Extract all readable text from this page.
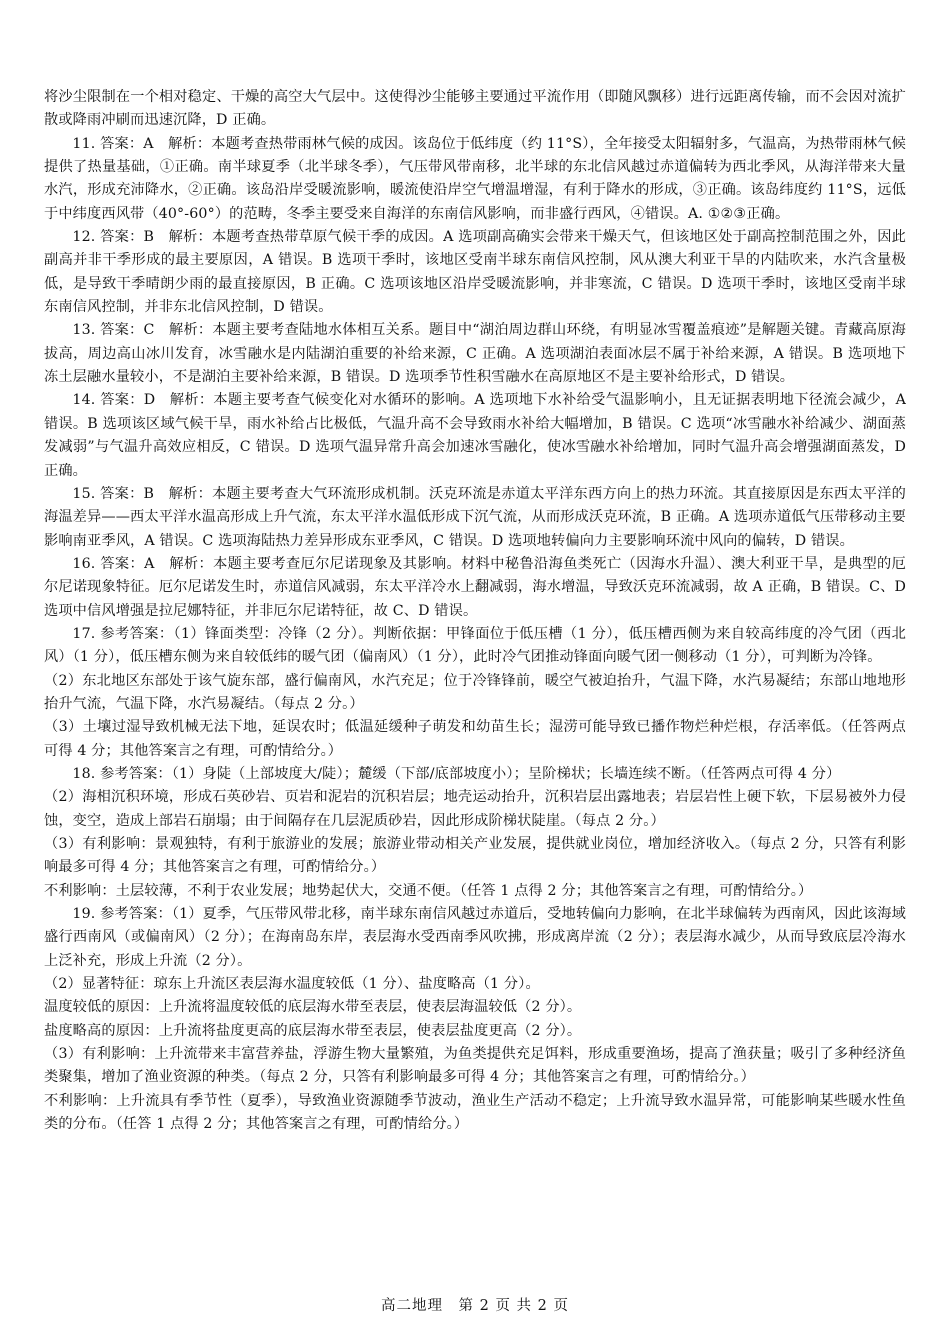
将沙尘限制在一个相对稳定、干燥的高空大气层中。这使得沙尘能够主要通过平流作用（即随风飘移）进行远距离传输，而不会因对流扩散或降雨冲刷而迅速沉降，D 正确。

11. 答案：A　解析：本题考查热带雨林气候的成因。该岛位于低纬度（约 11°S），全年接受太阳辐射多，气温高，为热带雨林气候提供了热量基础，①正确。南半球夏季（北半球冬季），气压带风带南移，北半球的东北信风越过赤道偏转为西北季风，从海洋带来大量水汽，形成充沛降水，②正确。该岛沿岸受暖流影响，暖流使沿岸空气增温增湿，有利于降水的形成，③正确。该岛纬度约 11°S，远低于中纬度西风带（40°-60°）的范畴，冬季主要受来自海洋的东南信风影响，而非盛行西风，④错误。A. ①②③正确。

12. 答案：B　解析：本题考查热带草原气候干季的成因。A 选项副高确实会带来干燥天气，但该地区处于副高控制范围之外，因此副高并非干季形成的最主要原因，A 错误。B 选项干季时，该地区受南半球东南信风控制，风从澳大利亚干旱的内陆吹来，水汽含量极低，是导致干季晴朗少雨的最直接原因，B 正确。C 选项该地区沿岸受暖流影响，并非寒流，C 错误。D 选项干季时，该地区受南半球东南信风控制，并非东北信风控制，D 错误。

13. 答案：C　解析：本题主要考查陆地水体相互关系。题目中“湖泊周边群山环绕，有明显冰雪覆盖痕迹”是解题关键。青藏高原海拔高，周边高山冰川发育，冰雪融水是内陆湖泊重要的补给来源，C 正确。A 选项湖泊表面冰层不属于补给来源，A 错误。B 选项地下冻土层融水量较小，不是湖泊主要补给来源，B 错误。D 选项季节性积雪融水在高原地区不是主要补给形式，D 错误。

14. 答案：D　解析：本题主要考查气候变化对水循环的影响。A 选项地下水补给受气温影响小，且无证据表明地下径流会减少，A 错误。B 选项该区域气候干旱，雨水补给占比极低，气温升高不会导致雨水补给大幅增加，B 错误。C 选项“冰雪融水补给减少、湖面蒸发减弱”与气温升高效应相反，C 错误。D 选项气温异常升高会加速冰雪融化，使冰雪融水补给增加，同时气温升高会增强湖面蒸发，D 正确。

15. 答案：B　解析：本题主要考查大气环流形成机制。沃克环流是赤道太平洋东西方向上的热力环流。其直接原因是东西太平洋的海温差异——西太平洋水温高形成上升气流，东太平洋水温低形成下沉气流，从而形成沃克环流，B 正确。A 选项赤道低气压带移动主要影响南亚季风，A 错误。C 选项海陆热力差异形成东亚季风，C 错误。D 选项地转偏向力主要影响环流中风向的偏转，D 错误。

16. 答案：A　解析：本题主要考查厄尔尼诺现象及其影响。材料中秘鲁沿海鱼类死亡（因海水升温）、澳大利亚干旱，是典型的厄尔尼诺现象特征。厄尔尼诺发生时，赤道信风减弱，东太平洋冷水上翻减弱，海水增温，导致沃克环流减弱，故 A 正确，B 错误。C、D 选项中信风增强是拉尼娜特征，并非厄尔尼诺特征，故 C、D 错误。

17. 参考答案：（1）锋面类型：冷锋（2 分）。判断依据：甲锋面位于低压槽（1 分），低压槽西侧为来自较高纬度的冷气团（西北风）（1 分），低压槽东侧为来自较低纬的暖气团（偏南风）（1 分），此时冷气团推动锋面向暖气团一侧移动（1 分），可判断为冷锋。

（2）东北地区东部处于该气旋东部，盛行偏南风，水汽充足；位于冷锋锋前，暖空气被迫抬升，气温下降，水汽易凝结；东部山地地形抬升气流，气温下降，水汽易凝结。（每点 2 分。）

（3）土壤过湿导致机械无法下地，延误农时；低温延缓种子萌发和幼苗生长；湿涝可能导致已播作物烂种烂根，存活率低。（任答两点可得 4 分；其他答案言之有理，可酌情给分。）

18. 参考答案：（1）身陡（上部坡度大/陡）；麓缓（下部/底部坡度小）；呈阶梯状；长墙连续不断。（任答两点可得 4 分）

（2）海相沉积环境，形成石英砂岩、页岩和泥岩的沉积岩层；地壳运动抬升，沉积岩层出露地表；岩层岩性上硬下软，下层易被外力侵蚀，变空，造成上部岩石崩塌；由于间隔存在几层泥质砂岩，因此形成阶梯状陡崖。（每点 2 分。）

（3）有利影响：景观独特，有利于旅游业的发展；旅游业带动相关产业发展，提供就业岗位，增加经济收入。（每点 2 分，只答有利影响最多可得 4 分；其他答案言之有理，可酌情给分。）

不利影响：土层较薄，不利于农业发展；地势起伏大，交通不便。（任答 1 点得 2 分；其他答案言之有理，可酌情给分。）

19. 参考答案：（1）夏季，气压带风带北移，南半球东南信风越过赤道后，受地转偏向力影响，在北半球偏转为西南风，因此该海域盛行西南风（或偏南风）（2 分）；在海南岛东岸，表层海水受西南季风吹拂，形成离岸流（2 分）；表层海水减少，从而导致底层冷海水上泛补充，形成上升流（2 分）。

（2）显著特征：琼东上升流区表层海水温度较低（1 分）、盐度略高（1 分）。

温度较低的原因：上升流将温度较低的底层海水带至表层，使表层海温较低（2 分）。

盐度略高的原因：上升流将盐度更高的底层海水带至表层，使表层盐度更高（2 分）。

（3）有利影响：上升流带来丰富营养盐，浮游生物大量繁殖，为鱼类提供充足饵料，形成重要渔场，提高了渔获量；吸引了多种经济鱼类聚集，增加了渔业资源的种类。（每点 2 分，只答有利影响最多可得 4 分；其他答案言之有理，可酌情给分。）

不利影响：上升流具有季节性（夏季），导致渔业资源随季节波动，渔业生产活动不稳定；上升流导致水温异常，可能影响某些暖水性鱼类的分布。（任答 1 点得 2 分；其他答案言之有理，可酌情给分。）

高二地理　第 2 页 共 2 页
